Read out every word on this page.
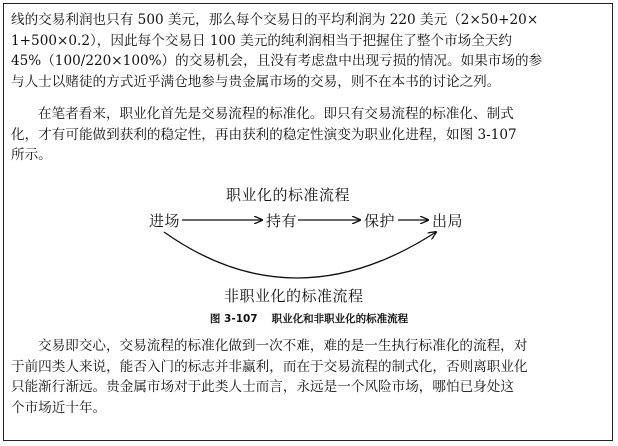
线的交易利润也只有 500 美元，那么每个交易日的平均利润为 220 美元（2×50+20×
1+500×0.2），因此每个交易日 100 美元的纯利润相当于把握住了整个市场全天约
45%（100/220×100%）的交易机会，且没有考虑盘中出现亏损的情况。如果市场的参
与人士以赌徒的方式近乎满仓地参与贵金属市场的交易，则不在本书的讨论之列。
在笔者看来，职业化首先是交易流程的标准化。即只有交易流程的标准化、制式
化，才有可能做到获利的稳定性，再由获利的稳定性演变为职业化进程，如图 3-107
所示。
职业化的标准流程
进场	持有	保护 出局
非职业化的标准流程
图 3-107 职业化和非职业化的标准流程
交易即交心，交易流程的标准化做到一次不难，难的是一生执行标准化的流程，对
于前四类人来说，能否入门的标志并非赢利，而在于交易流程的制式化，否则离职业化
只能渐行渐远。贵金属市场对于此类人士而言，永远是一个风险市场，哪怕已身处这
个市场近十年。
